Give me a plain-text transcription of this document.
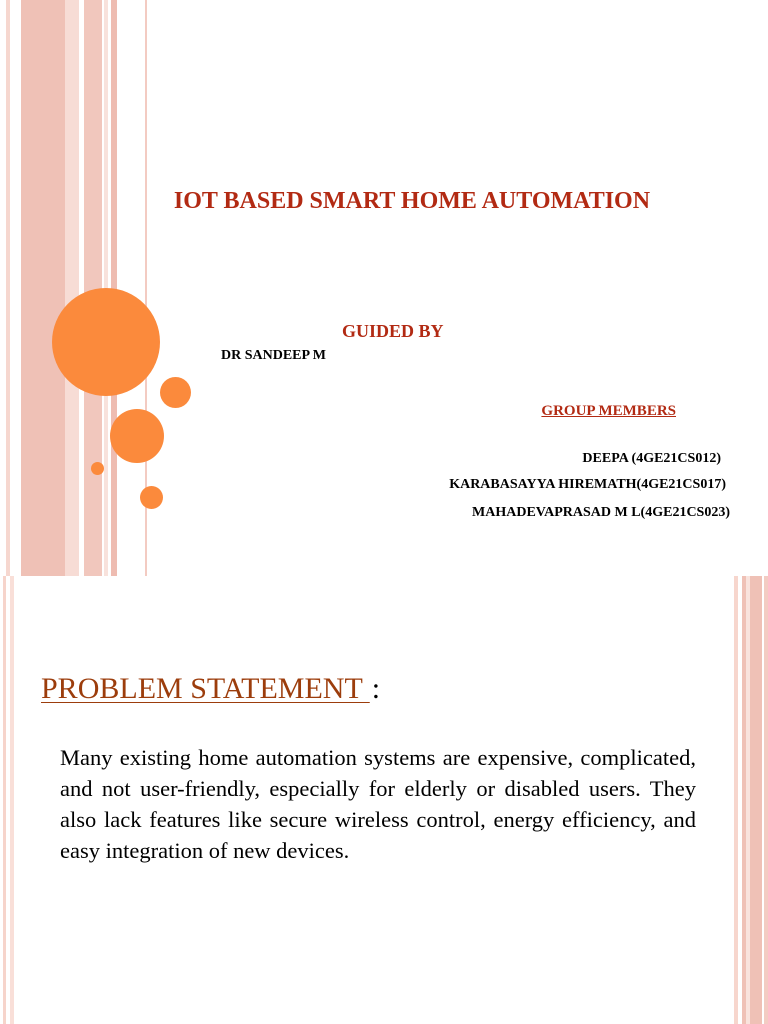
IOT BASED SMART HOME AUTOMATION
GUIDED BY
DR SANDEEP M
GROUP MEMBERS
DEEPA (4GE21CS012)
KARABASAYYA HIREMATH(4GE21CS017)
MAHADEVAPRASAD M L(4GE21CS023)
PROBLEM STATEMENT :
Many existing home automation systems are expensive, complicated, and not user-friendly, especially for elderly or disabled users. They also lack features like secure wireless control, energy efficiency, and easy integration of new devices.
